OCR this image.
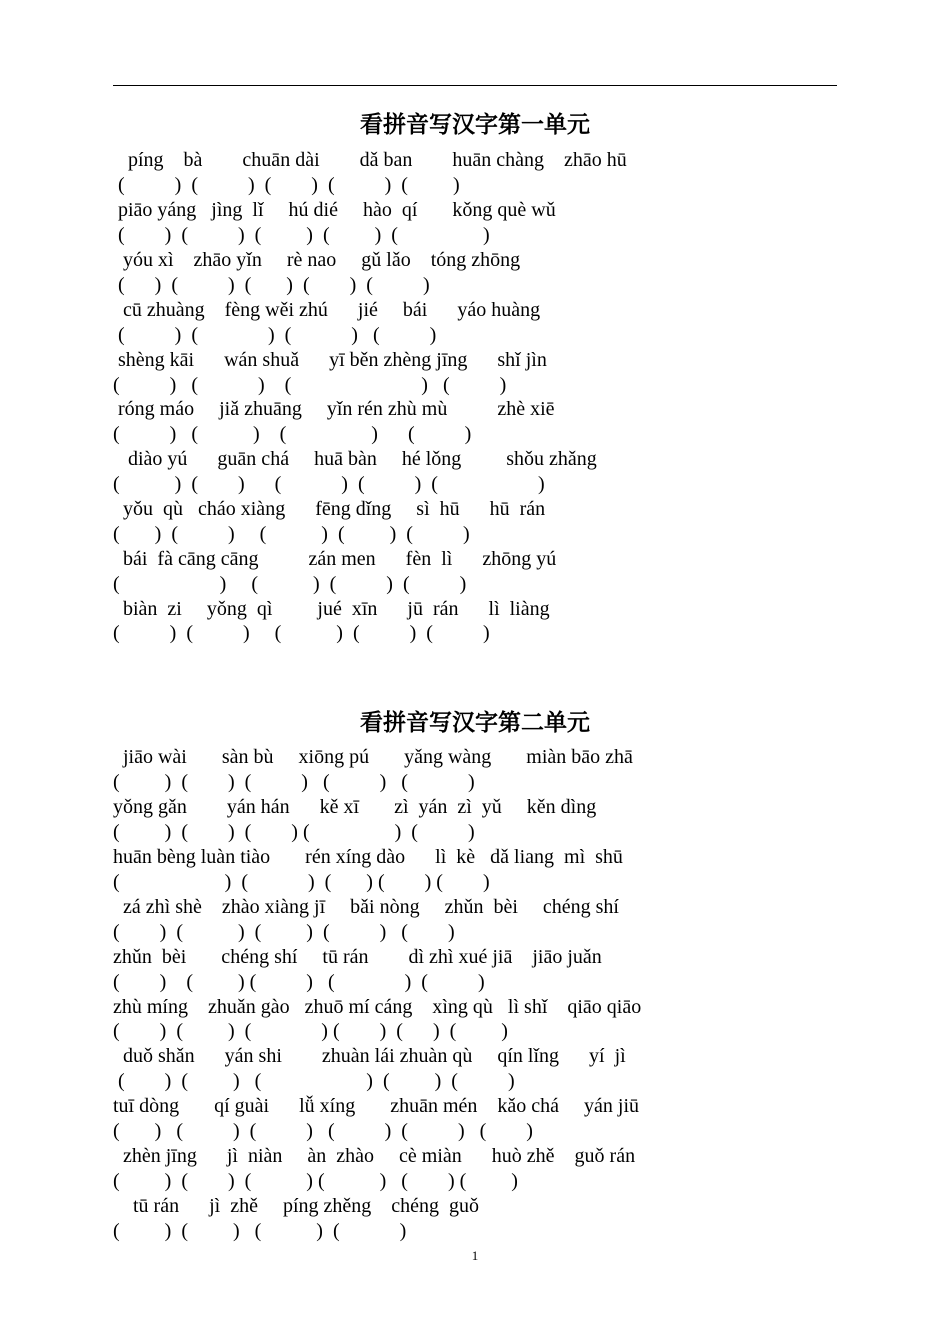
看拼音写汉字第一单元
píng    bà        chuān dài        dǎ ban        huān chàng    zhāo hū
(          )  (          )  (        )  (          )  (         )
piāo yáng   jìng  lǐ     hú dié     hào  qí       kǒng què wǔ
(        )  (          )  (         )  (         )  (                 )
yóu xì    zhāo yǐn     rè nao     gǔ lǎo    tóng zhōng
(      )  (          )  (       )  (        )  (          )
cū zhuàng    fèng wěi zhú      jié     bái      yáo huàng
(          )  (              )  (            )   (          )
shèng kāi      wán shuǎ      yī běn zhèng jīng      shǐ jìn
(          )   (            )    (                          )   (          )
róng máo     jiǎ zhuāng     yǐn rén zhù mù          zhè xiē
(          )   (           )    (                 )      (          )
diào yú      guān chá     huā bàn     hé lǒng         shǒu zhǎng
(           )  (        )      (            )  (          )  (                    )
yǒu  qù   cháo xiàng      fēng dǐng     sì  hū      hū  rán
(       )  (          )     (           )  (         )  (          )
bái  fà cāng cāng          zán men      fèn  lì      zhōng yú
(                    )     (           )  (          )  (          )
biàn  zi     yǒng  qì         jué  xīn      jū  rán      lì  liàng
(          )  (          )     (           )  (          )  (          )
看拼音写汉字第二单元
jiāo wài       sàn bù     xiōng pú       yǎng wàng       miàn bāo zhā
(         )  (        )  (          )   (          )   (            )
yǒng gǎn        yán hán      kě xī       zì  yán  zì  yǔ     kěn dìng
(         )  (        )  (        ) (                 )  (          )
huān bèng luàn tiào       rén xíng dào      lì  kè   dǎ liang  mì  shū
(                     )  (            )  (       ) (        ) (        )
zá zhì shè    zhào xiàng jī     bǎi nòng     zhǔn  bèi     chéng shí
(        )  (           )  (         )  (          )   (        )
zhǔn  bèi       chéng shí     tū rán        dì zhì xué jiā    jiāo juǎn
(        )    (         ) (          )   (              )  (          )
zhù míng    zhuǎn gào   zhuō mí cáng    xìng qù   lì shǐ    qiāo qiāo
(        )  (         )  (              ) (        )  (      )  (         )
duǒ shǎn      yán shi        zhuàn lái zhuàn qù     qín lǐng      yí  jì
(        )  (         )   (                     )  (         )  (          )
tuī dòng       qí guài      lǚ xíng       zhuān mén    kǎo chá     yán jiū
(       )   (          )  (          )   (          )  (          )   (        )
zhèn jīng      jì  niàn     àn  zhào     cè miàn      huò zhě    guǒ rán
(         )  (        )  (           ) (           )   (        ) (         )
tū rán      jì  zhě     píng zhěng    chéng  guǒ
(         )  (         )   (           )  (            )
1
